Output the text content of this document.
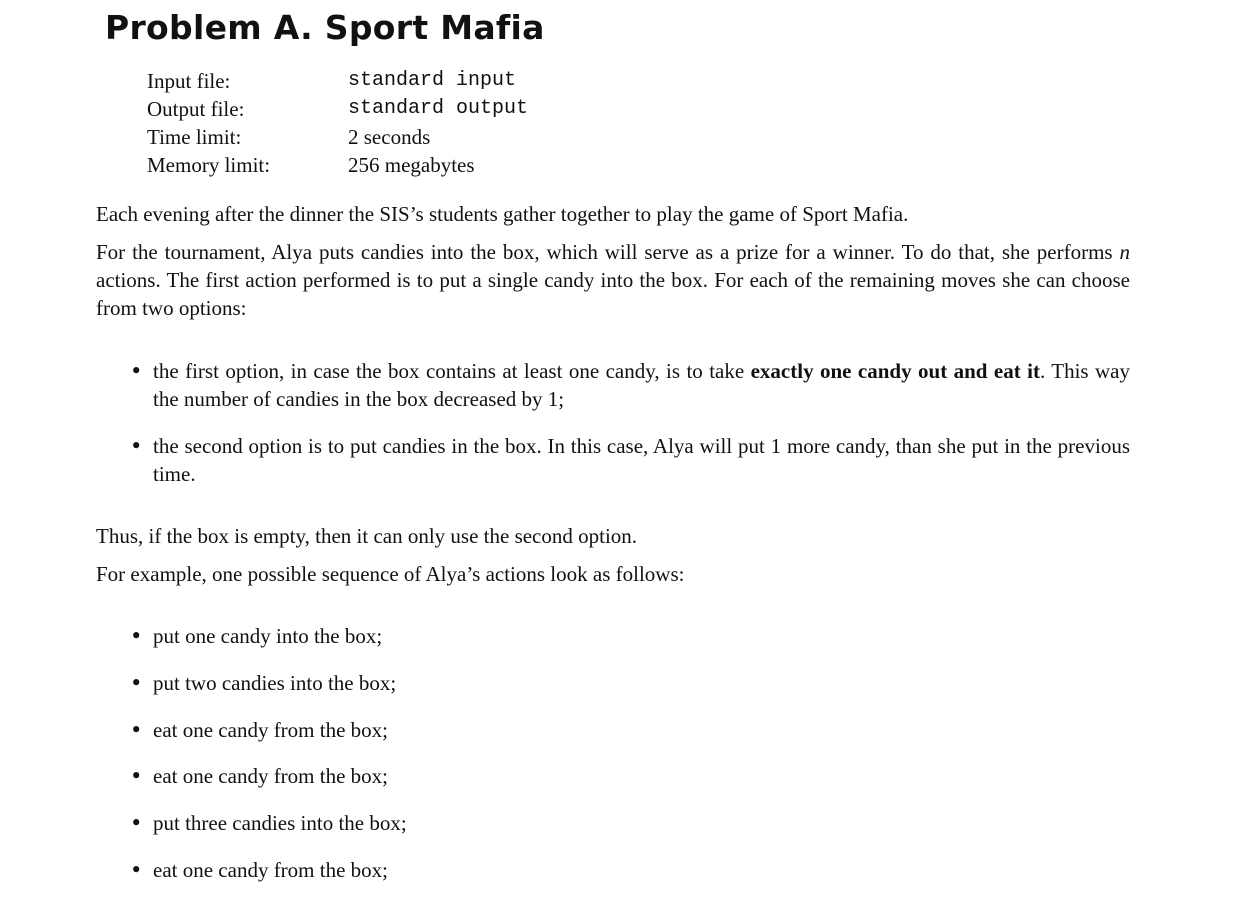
Problem A. Sport Mafia
Input file:	standard input
Output file:	standard output
Time limit:	2 seconds
Memory limit:	256 megabytes

Each evening after the dinner the SIS’s students gather together to play the game of Sport Mafia.

For the tournament, Alya puts candies into the box, which will serve as a prize for a winner. To do that, she performs n actions. The first action performed is to put a single candy into the box. For each of the remaining moves she can choose from two options:

• the first option, in case the box contains at least one candy, is to take exactly one candy out and eat it. This way the number of candies in the box decreased by 1;

• the second option is to put candies in the box. In this case, Alya will put 1 more candy, than she put in the previous time.

Thus, if the box is empty, then it can only use the second option.

For example, one possible sequence of Alya’s actions look as follows:

• put one candy into the box;

• put two candies into the box;

• eat one candy from the box;

• eat one candy from the box;

• put three candies into the box;

• eat one candy from the box;
